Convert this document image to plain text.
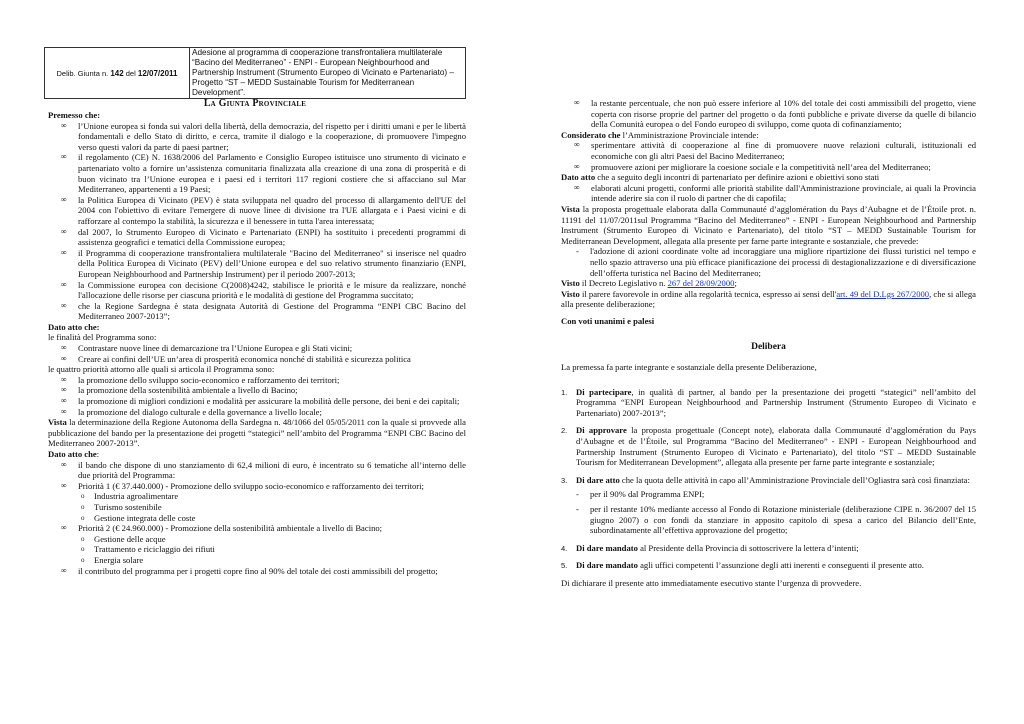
Delib. Giunta n. 142 del 12/07/2011	Adesione al programma di cooperazione transfrontaliera multilaterale “Bacino del Mediterraneo” - ENPI - European Neighbourhood and Partnership Instrument (Strumento Europeo di Vicinato e Partenariato) – Progetto “ST – MEDD Sustainable Tourism for Mediterranean Development”.
La Giunta Provinciale
Premesso che:
∞ l’Unione europea si fonda sui valori della libertà, della democrazia, del rispetto per i diritti umani e per le libertà fondamentali e dello Stato di diritto, e cerca, tramite il dialogo e la cooperazione, di promuovere l'impegno verso questi valori da parte di paesi partner;
∞ il regolamento (CE) N. 1638/2006 del Parlamento e Consiglio Europeo istituisce uno strumento di vicinato e partenariato volto a fornire un’assistenza comunitaria finalizzata alla creazione di una zona di prosperità e di buon vicinato tra l’Unione europea e i paesi ed i territori 117 regioni costiere che si affacciano sul Mar Mediterraneo, appartenenti a 19 Paesi;
∞ la Politica Europea di Vicinato (PEV) è stata sviluppata nel quadro del processo di allargamento dell'UE del 2004 con l'obiettivo di evitare l'emergere di nuove linee di divisione tra l'UE allargata e i Paesi vicini e di rafforzare al contempo la stabilità, la sicurezza e il benessere in tutta l'area interessata;
∞ dal 2007, lo Strumento Europeo di Vicinato e Partenariato (ENPI) ha sostituito i precedenti programmi di assistenza geografici e tematici della Commissione europea;
∞ il Programma di cooperazione transfrontaliera multilaterale "Bacino del Mediterraneo" si inserisce nel quadro della Politica Europea di Vicinato (PEV) dell’Unione europea e del suo relativo strumento finanziario (ENPI, European Neighbourhood and Partnership Instrument) per il periodo 2007-2013;
∞ la Commissione europea con decisione C(2008)4242, stabilisce le priorità e le misure da realizzare, nonché l'allocazione delle risorse per ciascuna priorità e le modalità di gestione del Programma succitato;
∞ che la Regione Sardegna è stata designata Autorità di Gestione del Programma “ENPI CBC Bacino del Mediterraneo 2007-2013”;
Dato atto che:
le finalità del Programma sono:
∞ Contrastare nuove linee di demarcazione tra l’Unione Europea e gli Stati vicini;
∞ Creare ai confini dell’UE un’area di prosperità economica nonché di stabilità e sicurezza politica
le quattro priorità attorno alle quali si articola il Programma sono:
∞ la promozione dello sviluppo socio-economico e rafforzamento dei territori;
∞ la promozione della sostenibilità ambientale a livello di Bacino;
∞ la promozione di migliori condizioni e modalità per assicurare la mobilità delle persone, dei beni e dei capitali;
∞ la promozione del dialogo culturale e della governance a livello locale;
Vista la determinazione della Regione Autonoma della Sardegna n. 48/1066 del 05/05/2011 con la quale si provvede alla pubblicazione del bando per la presentazione dei progetti “stategici” nell’ambito del Programma “ENPI CBC Bacino del Mediterraneo 2007-2013”.
Dato atto che:
∞ il bando che dispone di uno stanziamento di 62,4 milioni di euro, è incentrato su 6 tematiche all’interno delle due priorità del Programma:
∞ Priorità 1 (€ 37.440.000) - Promozione dello sviluppo socio-economico e rafforzamento dei territori;
o Industria agroalimentare
o Turismo sostenibile
o Gestione integrata delle coste
∞ Priorità 2 (€ 24.960.000) - Promozione della sostenibilità ambientale a livello di Bacino;
o Gestione delle acque
o Trattamento e riciclaggio dei rifiuti
o Energia solare
∞ il contributo del programma per i progetti copre fino al 90% del totale dei costi ammissibili del progetto;
∞ la restante percentuale, che non può essere inferiore al 10% del totale dei costi ammissibili del progetto, viene coperta con risorse proprie del partner del progetto o da fonti pubbliche e private diverse da quelle di bilancio della Comunità europea o del Fondo europeo di sviluppo, come quota di cofinanziamento;
Considerato che l’Amministrazione Provinciale intende:
∞ sperimentare attività di cooperazione al fine di promuovere nuove relazioni culturali, istituzionali ed economiche con gli altri Paesi del Bacino Mediterraneo;
∞ promuovere azioni per migliorare la coesione sociale e la competitività nell’area del Mediterraneo;
Dato atto che a seguito degli incontri di partenariato per definire azioni e obiettivi sono stati
∞ elaborati alcuni progetti, conformi alle priorità stabilite dall'Amministrazione provinciale, ai quali la Provincia intende aderire sia con il ruolo di partner che di capofila;
Vista la proposta progettuale elaborata dalla Communauté d’agglomération du Pays d’Aubagne et de l’Étoile prot. n. 11191 del 11/07/2011sul Programma “Bacino del Mediterraneo” - ENPI - European Neighbourhood and Partnership Instrument (Strumento Europeo di Vicinato e Partenariato), del titolo “ST – MEDD Sustainable Tourism for Mediterranean Development, allegata alla presente per farne parte integrante e sostanziale, che prevede:
- l'adozione di azioni coordinate volte ad incoraggiare una migliore ripartizione dei flussi turistici nel tempo e nello spazio attraverso una più efficace pianificazione dei processi di destagionalizzazione e di diversificazione dell’offerta turistica nel Bacino del Mediterraneo;
Visto il Decreto Legislativo n. 267 del 28/09/2000;
Visto il parere favorevole in ordine alla regolarità tecnica, espresso ai sensi dell'art. 49 del D.Lgs 267/2000, che si allega alla presente deliberazione;
Con voti unanimi e palesi
Delibera
La premessa fa parte integrante e sostanziale della presente Deliberazione,
1. Di partecipare, in qualità di partner, al bando per la presentazione dei progetti “stategici” nell’ambito del Programma “ENPI European Neighbourhood and Partnership Instrument (Strumento Europeo di Vicinato e Partenariato) 2007-2013”;
2. Di approvare la proposta progettuale (Concept note), elaborata dalla Communauté d’agglomération du Pays d’Aubagne et de l’Étoile, sul Programma “Bacino del Mediterraneo” - ENPI - European Neighbourhood and Partnership Instrument (Strumento Europeo di Vicinato e Partenariato), del titolo “ST – MEDD Sustainable Tourism for Mediterranean Development”, allegata alla presente per farne parte integrante e sostanziale;
3. Di dare atto che la quota delle attività in capo all’Amministrazione Provinciale dell’Ogliastra sarà così finanziata:
- per il 90% dal Programma ENPI;
- per il restante 10% mediante accesso al Fondo di Rotazione ministeriale (deliberazione CIPE n. 36/2007 del 15 giugno 2007) o con fondi da stanziare in apposito capitolo di spesa a carico del Bilancio dell’Ente, subordinatamente all’effettiva approvazione del progetto;
4. Di dare mandato al Presidente della Provincia di sottoscrivere la lettera d’intenti;
5. Di dare mandato agli uffici competenti l’assunzione degli atti inerenti e conseguenti il presente atto.
Di dichiarare il presente atto immediatamente esecutivo stante l’urgenza di provvedere.
